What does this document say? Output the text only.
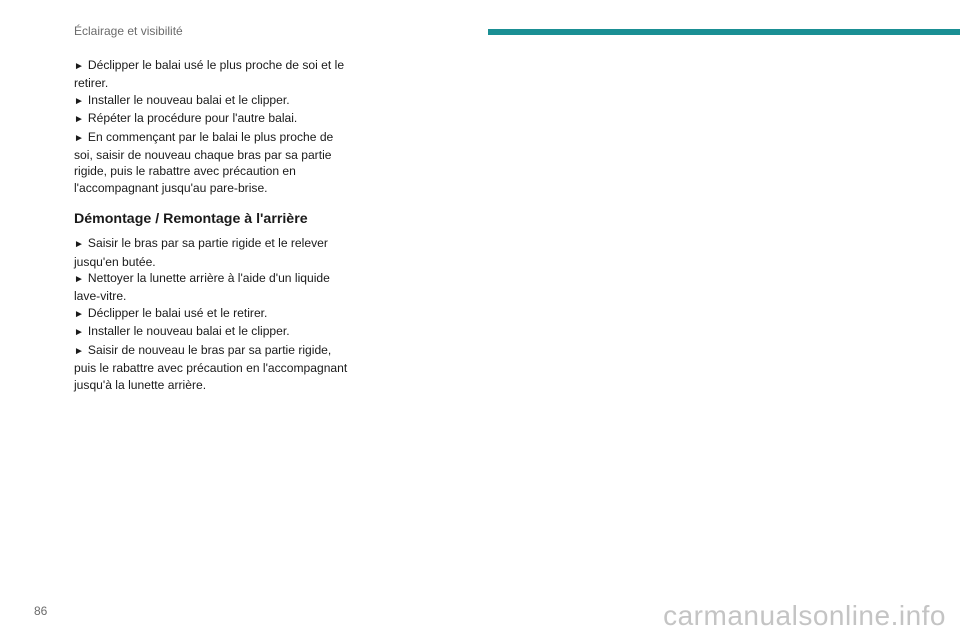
Éclairage et visibilité

► Déclipper le balai usé le plus proche de soi et le retirer.

► Installer le nouveau balai et le clipper.

► Répéter la procédure pour l'autre balai.

► En commençant par le balai le plus proche de soi, saisir de nouveau chaque bras par sa partie rigide, puis le rabattre avec précaution en l'accompagnant jusqu'au pare-brise.

Démontage / Remontage à l'arrière

► Saisir le bras par sa partie rigide et le relever jusqu'en butée.

► Nettoyer la lunette arrière à l'aide d'un liquide lave-vitre.

► Déclipper le balai usé et le retirer.

► Installer le nouveau balai et le clipper.

► Saisir de nouveau le bras par sa partie rigide, puis le rabattre avec précaution en l'accompagnant jusqu'à la lunette arrière.

86	carmanualsonline.info
